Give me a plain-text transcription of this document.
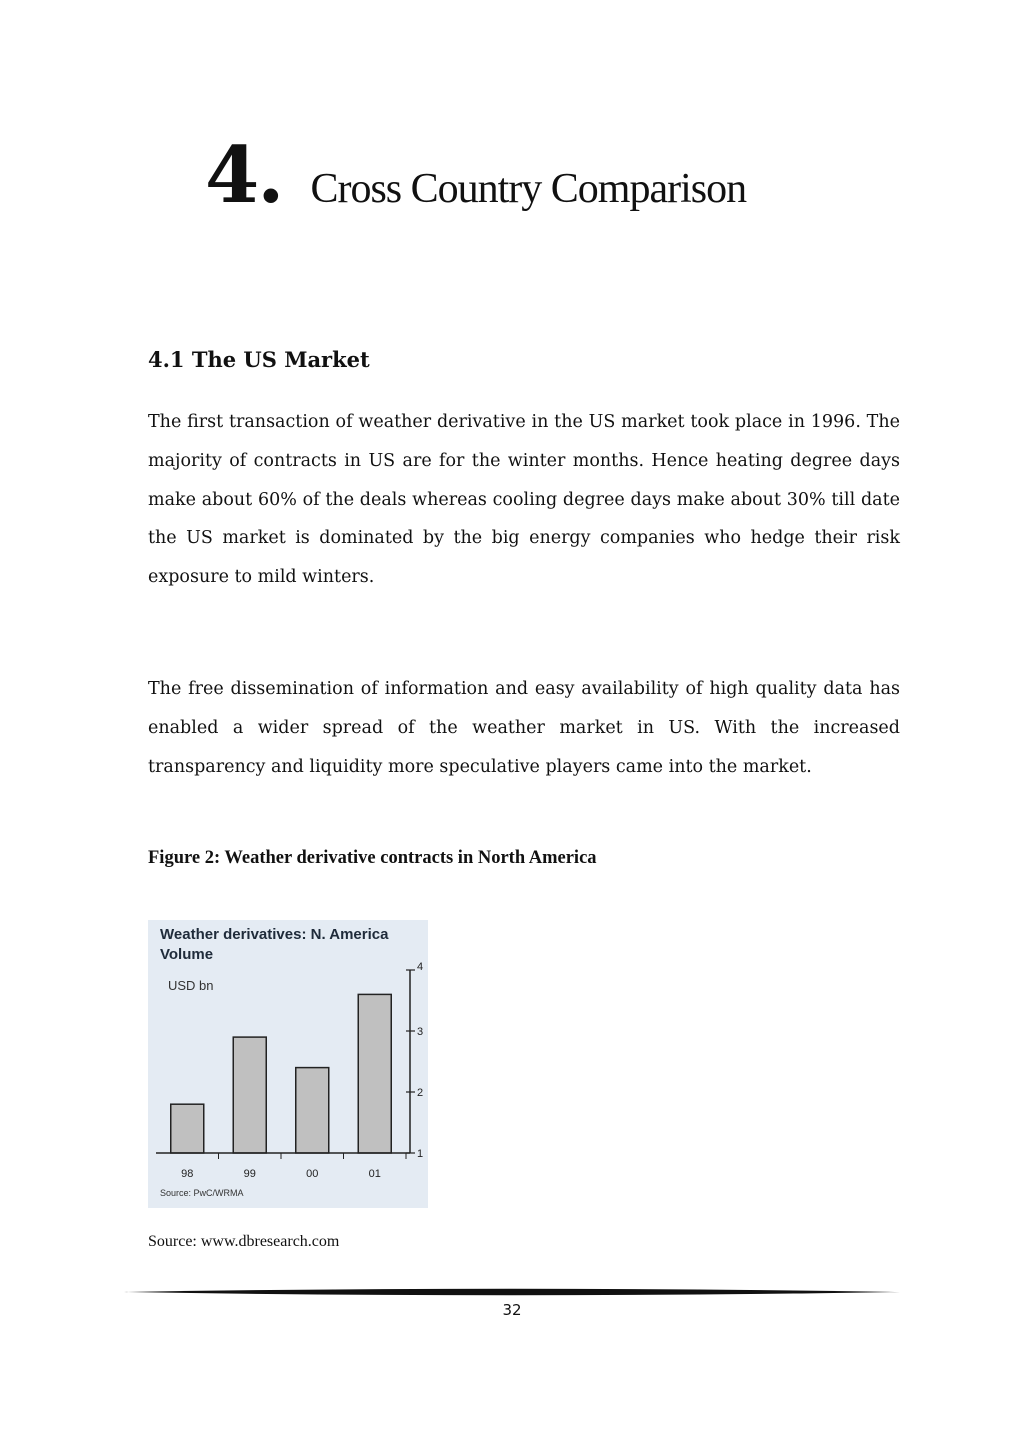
4. Cross Country Comparison
4.1 The US Market

The first transaction of weather derivative in the US market took place in 1996. The majority of contracts in US are for the winter months. Hence heating degree days make about 60% of the deals whereas cooling degree days make about 30% till date the US market is dominated by the big energy companies who hedge their risk exposure to mild winters.

The free dissemination of information and easy availability of high quality data has enabled a wider spread of the weather market in US. With the increased transparency and liquidity more speculative players came into the market.

Figure 2: Weather derivative contracts in North America

Weather derivatives: N. America
Volume
USD bn
1
2
3
4
98	99	00	01
Source: PwC/WRMA

Source: www.dbresearch.com

32
